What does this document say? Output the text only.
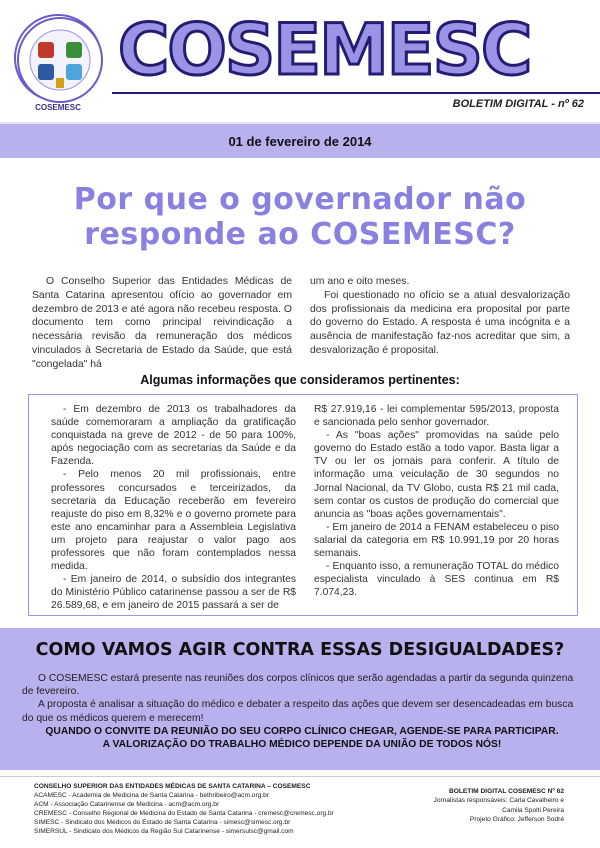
COSEMESC
COSEMESC
BOLETIM DIGITAL - nº 62
01 de fevereiro de 2014
Por que o governador não
responde ao COSEMESC?

O Conselho Superior das Entidades Médicas de Santa Catarina apresentou ofício ao governador em dezembro de 2013 e até agora não recebeu resposta. O documento tem como principal reivindicação a necessária revisão da remuneração dos médicos vinculados à Secretaria de Estado da Saúde, que está "congelada" há

um ano e oito meses.

Foi questionado no ofício se a atual desvalorização dos profissionais da medicina era proposital por parte do governo do Estado. A resposta é uma incógnita e a ausência de manifestação faz-nos acreditar que sim, a desvalorização é proposital.

Algumas informações que consideramos pertinentes:

- Em dezembro de 2013 os trabalhadores da saúde comemoraram a ampliação da gratificação conquistada na greve de 2012 - de 50 para 100%, após negociação com as secretarias da Saúde e da Fazenda.

- Pelo menos 20 mil profissionais, entre professores concursados e terceirizados, da secretaria da Educação receberão em fevereiro reajuste do piso em 8,32% e o governo promete para este ano encaminhar para a Assembleia Legislativa um projeto para reajustar o valor pago aos professores que não foram contemplados nessa medida.

- Em janeiro de 2014, o subsídio dos integrantes do Ministério Público catarinense passou a ser de R$ 26.589,68, e em janeiro de 2015 passará a ser de

R$ 27.919,16 - lei complementar 595/2013, proposta e sancionada pelo senhor governador.

- As "boas ações" promovidas na saúde pelo governo do Estado estão a todo vapor. Basta ligar a TV ou ler os jornais para conferir. A título de informação uma veiculação de 30 segundos no Jornal Nacional, da TV Globo, custa R$ 21 mil cada, sem contar os custos de produção do comercial que anuncia as "boas ações governamentais".

- Em janeiro de 2014 a FENAM estabeleceu o piso salarial da categoria em R$ 10.991,19 por 20 horas semanais.

- Enquanto isso, a remuneração TOTAL do médico especialista vinculado à SES continua em R$ 7.074,23.

COMO VAMOS AGIR CONTRA ESSAS DESIGUALDADES?

O COSEMESC estará presente nas reuniões dos corpos clínicos que serão agendadas a partir da segunda quinzena de fevereiro.

A proposta é analisar a situação do médico e debater a respeito das ações que devem ser desencadeadas em busca do que os médicos querem e merecem!

QUANDO O CONVITE DA REUNIÃO DO SEU CORPO CLÍNICO CHEGAR, AGENDE-SE PARA PARTICIPAR.

A VALORIZAÇÃO DO TRABALHO MÉDICO DEPENDE DA UNIÃO DE TODOS NÓS!

CONSELHO SUPERIOR DAS ENTIDADES MÉDICAS DE SANTA CATARINA – COSEMESC
ACAMESC - Academia de Medicina de Santa Catarina - bethribeiro@acm.org.br
ACM - Associação Catarinense de Medicina - acm@acm.org.br
CREMESC - Conselho Regional de Medicina do Estado de Santa Catarina - cremesc@cremesc.org.br
SIMESC - Sindicato dos Médicos do Estado de Santa Catarina - simesc@simesc.org.br
SIMERSUL - Sindicato dos Médicos da Região Sul Catarinense - simersulsc@gmail.com
BOLETIM DIGITAL COSEMESC Nº 62
Jornalistas responsáveis: Carla Cavalheiro e
Camila Spolti Pereira
Projeto Gráfico: Jefferson Sodré
